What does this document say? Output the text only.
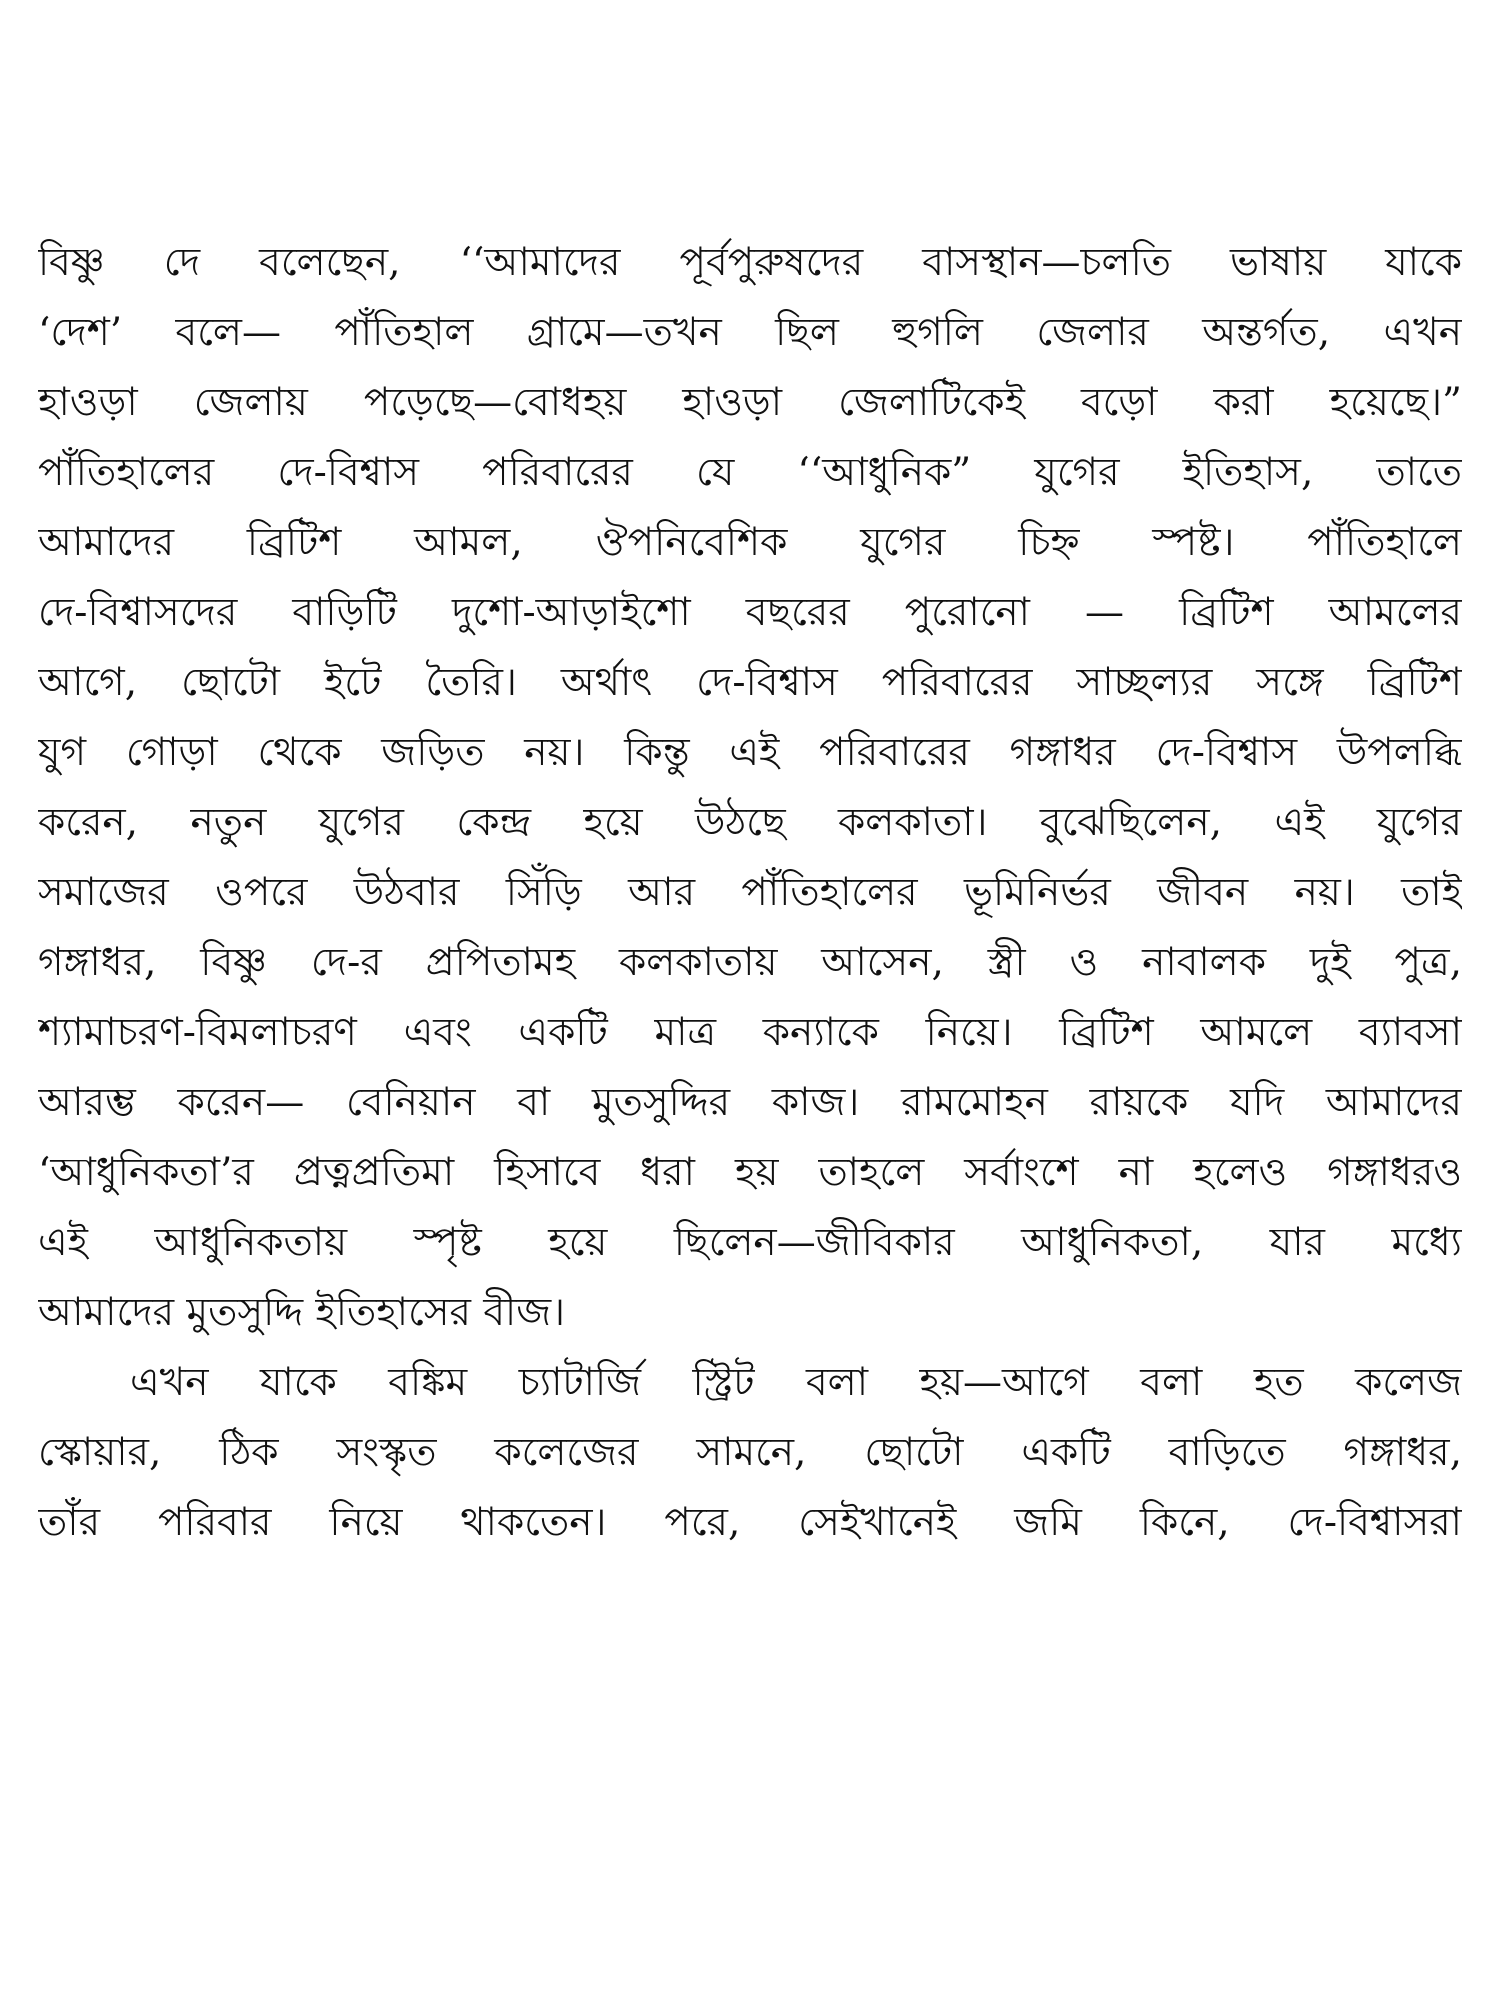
বিষ্ণু দে বলেছেন, ‘‘আমাদের পূর্বপুরুষদের বাসস্থান—চলতি ভাষায় যাকে
‘দেশ’ বলে— পাঁতিহাল গ্রামে—তখন ছিল হুগলি জেলার অন্তর্গত, এখন
হাওড়া জেলায় পড়েছে—বোধহয় হাওড়া জেলাটিকেই বড়ো করা হয়েছে।”
পাঁতিহালের দে-বিশ্বাস পরিবারের যে ‘‘আধুনিক” যুগের ইতিহাস, তাতে
আমাদের ব্রিটিশ আমল, ঔপনিবেশিক যুগের চিহ্ন স্পষ্ট। পাঁতিহালে
দে-বিশ্বাসদের বাড়িটি দুশো-আড়াইশো বছরের পুরোনো — ব্রিটিশ আমলের
আগে, ছোটো ইটে তৈরি। অর্থাৎ দে-বিশ্বাস পরিবারের সাচ্ছল্যর সঙ্গে ব্রিটিশ
যুগ গোড়া থেকে জড়িত নয়। কিন্তু এই পরিবারের গঙ্গাধর দে-বিশ্বাস উপলব্ধি
করেন, নতুন যুগের কেন্দ্র হয়ে উঠছে কলকাতা। বুঝেছিলেন, এই যুগের
সমাজের ওপরে উঠবার সিঁড়ি আর পাঁতিহালের ভূমিনির্ভর জীবন নয়। তাই
গঙ্গাধর, বিষ্ণু দে-র প্রপিতামহ কলকাতায় আসেন, স্ত্রী ও নাবালক দুই পুত্র,
শ্যামাচরণ-বিমলাচরণ এবং একটি মাত্র কন্যাকে নিয়ে। ব্রিটিশ আমলে ব্যাবসা
আরম্ভ করেন— বেনিয়ান বা মুতসুদ্দির কাজ। রামমোহন রায়কে যদি আমাদের
‘আধুনিকতা’র প্রত্নপ্রতিমা হিসাবে ধরা হয় তাহলে সর্বাংশে না হলেও গঙ্গাধরও
এই আধুনিকতায় স্পৃষ্ট হয়ে ছিলেন—জীবিকার আধুনিকতা, যার মধ্যে
আমাদের মুতসুদ্দি ইতিহাসের বীজ।
এখন যাকে বঙ্কিম চ্যাটার্জি স্ট্রিট বলা হয়—আগে বলা হত কলেজ
স্কোয়ার, ঠিক সংস্কৃত কলেজের সামনে, ছোটো একটি বাড়িতে গঙ্গাধর,
তাঁর পরিবার নিয়ে থাকতেন। পরে, সেইখানেই জমি কিনে, দে-বিশ্বাসরা
